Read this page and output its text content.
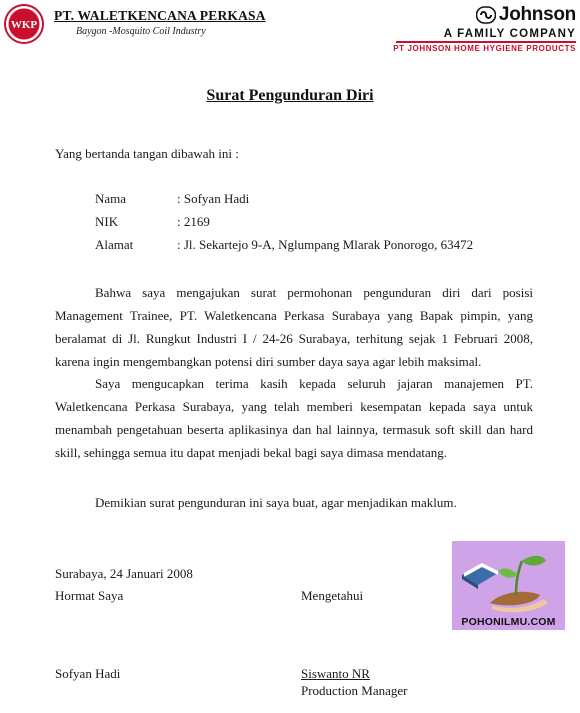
WKP
PT. WALETKENCANA PERKASA
Baygon -Mosquito Coil Industry
Johnson
A FAMILY COMPANY
PT JOHNSON HOME HYGIENE PRODUCTS
Surat Pengunduran Diri
Yang bertanda tangan dibawah ini :
Nama	: Sofyan Hadi
NIK	: 2169
Alamat	: Jl. Sekartejo 9-A, Nglumpang Mlarak Ponorogo, 63472
Bahwa saya mengajukan surat permohonan pengunduran diri dari posisi Management Trainee, PT. Waletkencana Perkasa Surabaya yang Bapak pimpin, yang beralamat di Jl. Rungkut Industri I / 24-26 Surabaya, terhitung sejak 1 Februari 2008, karena ingin mengembangkan potensi diri sumber daya saya agar lebih maksimal.
Saya mengucapkan terima kasih kepada seluruh jajaran manajemen PT. Waletkencana Perkasa Surabaya, yang telah memberi kesempatan kepada saya untuk menambah pengetahuan beserta aplikasinya dan hal lainnya, termasuk soft skill dan hard skill, sehingga semua itu dapat menjadi bekal bagi saya dimasa mendatang.
Demikian surat pengunduran ini saya buat, agar menjadikan maklum.
Surabaya, 24 Januari 2008
Hormat Saya	Mengetahui
Sofyan Hadi	Siswanto NR
Production Manager
POHONILMU.COM
